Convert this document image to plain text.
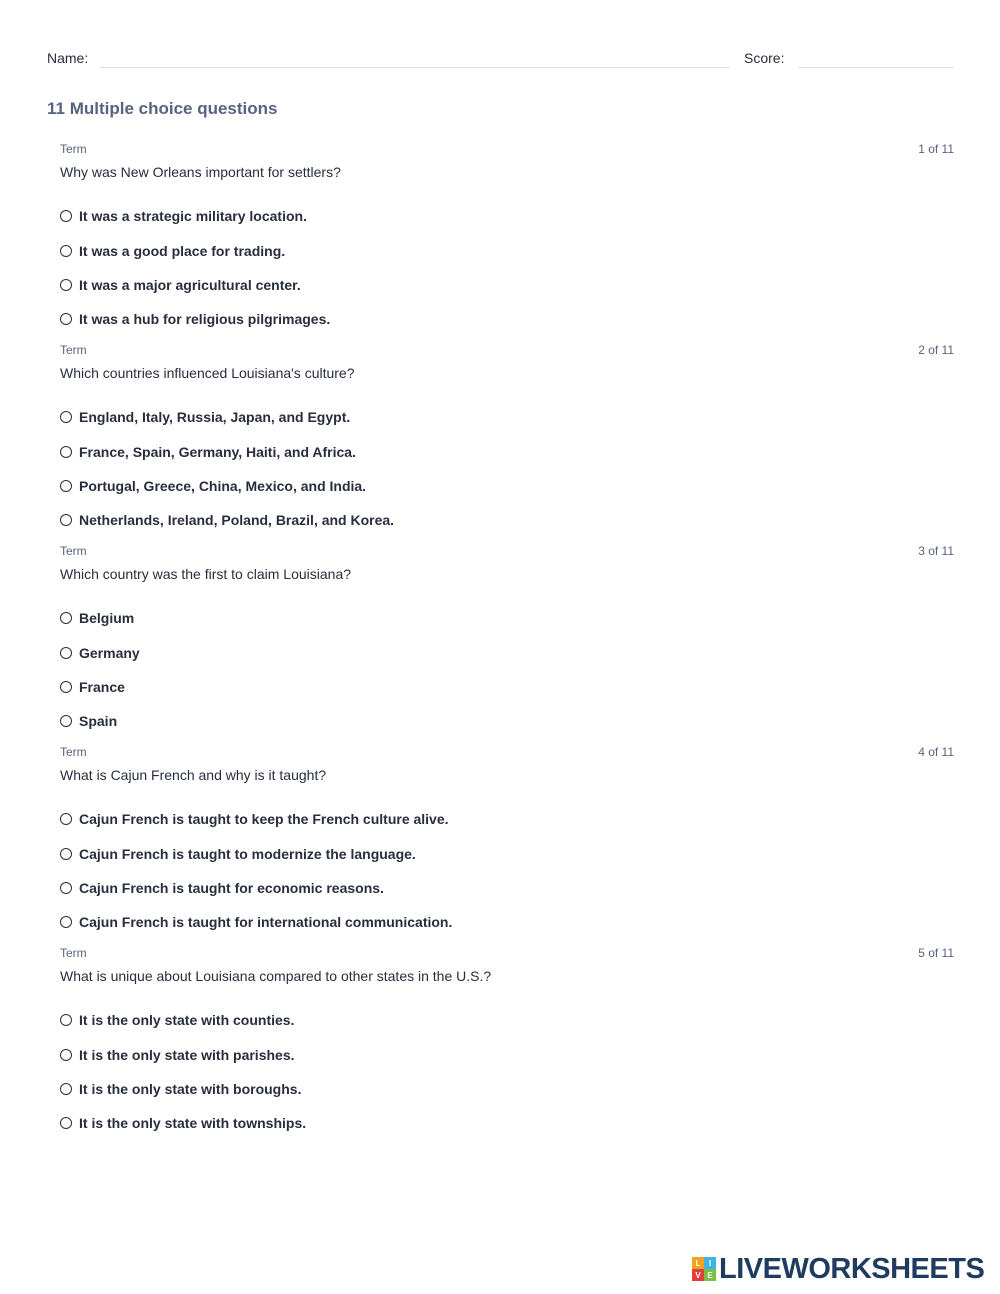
Name:	Score:
11 Multiple choice questions
Term	1 of 11
Why was New Orleans important for settlers?
It was a strategic military location.
It was a good place for trading.
It was a major agricultural center.
It was a hub for religious pilgrimages.
Term	2 of 11
Which countries influenced Louisiana's culture?
England, Italy, Russia, Japan, and Egypt.
France, Spain, Germany, Haiti, and Africa.
Portugal, Greece, China, Mexico, and India.
Netherlands, Ireland, Poland, Brazil, and Korea.
Term	3 of 11
Which country was the first to claim Louisiana?
Belgium
Germany
France
Spain
Term	4 of 11
What is Cajun French and why is it taught?
Cajun French is taught to keep the French culture alive.
Cajun French is taught to modernize the language.
Cajun French is taught for economic reasons.
Cajun French is taught for international communication.
Term	5 of 11
What is unique about Louisiana compared to other states in the U.S.?
It is the only state with counties.
It is the only state with parishes.
It is the only state with boroughs.
It is the only state with townships.
L	I
V E LIVEWORKSHEETS
